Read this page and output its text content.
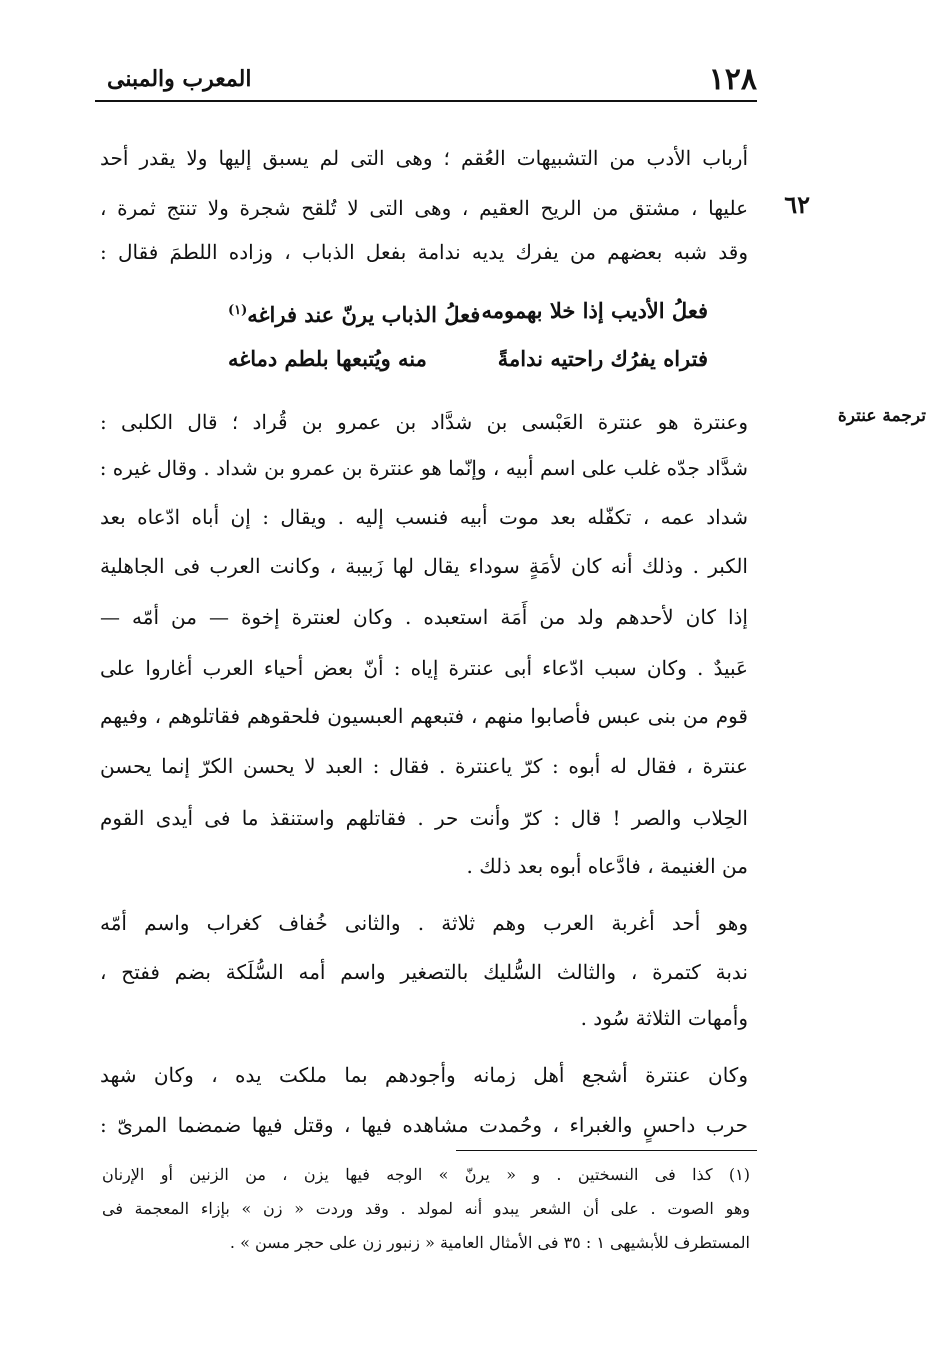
١٢٨
المعرب والمبنى
٦٢
ترجمة عنترة
أرباب الأدب من التشبيهات العُقم ؛ وهى التى لم يسبق إليها ولا يقدر أحد
عليها ، مشتق من الريح العقيم ، وهى التى لا تُلقح شجرة ولا تنتج ثمرة ،
وقد شبه بعضهم من يفرك يديه ندامة بفعل الذباب ، وزاده اللطمَ فقال :
وعنترة هو عنترة العَبْسى بن شدَّاد بن عمرو بن قُراد ؛ قال الكلبى :
شدَّاد جدّه غلب على اسم أبيه ، وإنّما هو عنترة بن عمرو بن شداد . وقال غيره :
شداد عمه ، تكفّله بعد موت أبيه فنسب إليه . ويقال : إن أباه ادّعاه بعد
الكبر . وذلك أنه كان لأمَةٍ سوداء يقال لها زَبيبة ، وكانت العرب فى الجاهلية
إذا كان لأحدهم ولد من أَمَة استعبده . وكان لعنترة إخوة — من أمّه —
عَبيدٌ . وكان سبب ادّعاء أبى عنترة إياه : أنّ بعض أحياء العرب أغاروا على
قوم من بنى عبس فأصابوا منهم ، فتبعهم العبسيون فلحقوهم فقاتلوهم ، وفيهم
عنترة ، فقال له أبوه : كرّ ياعنترة . فقال : العبد لا يحسن الكرّ إنما يحسن
الحِلاب والصر ! قال : كرّ وأنت حر . فقاتلهم واستنقذ ما فى أيدى القوم
من الغنيمة ، فادَّعاه أبوه بعد ذلك .
وهو أحد أغربة العرب وهم ثلاثة . والثانى خُفاف كغراب واسم أمّه
ندبة كتمرة ، والثالث السُّليك بالتصغير واسم أمه السُّلَكة بضم ففتح ،
وأمهات الثلاثة سُود .
وكان عنترة أشجع أهل زمانه وأجودهم بما ملكت يده ، وكان شهد
حرب داحسٍ والغبراء ، وحُمدت مشاهده فيها ، وقتل فيها ضمضما المرىّ :
فعلُ الأديب إذا خلا بهمومه
فعلُ الذباب يرنّ عند فراغه$^{(١)}$
فتراه يفرُك راحتيه ندامةً
منه ويُتبعها بلطم دماغه
(١) كذا فى النسختين . و « يرنّ » الوجه فيها يزن ، من الزنين أو الإرنان
وهو الصوت . على أن الشعر يبدو أنه لمولد . وقد وردت « زن » بإزاء المعجمة فى
المستطرف للأبشيهى ١ : ٣٥ فى الأمثال العامية « زنبور زن على حجر مسن » .
